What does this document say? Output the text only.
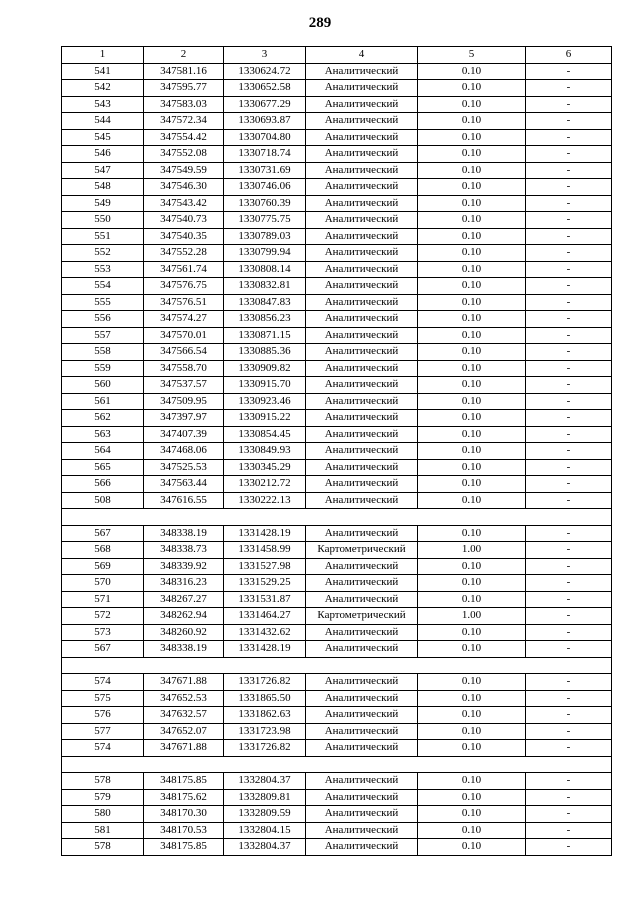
289
1	2	3	4	5	6
541	347581.16	1330624.72	Аналитический	0.10	-
542	347595.77	1330652.58	Аналитический	0.10	-
543	347583.03	1330677.29	Аналитический	0.10	-
544	347572.34	1330693.87	Аналитический	0.10	-
545	347554.42	1330704.80	Аналитический	0.10	-
546	347552.08	1330718.74	Аналитический	0.10	-
547	347549.59	1330731.69	Аналитический	0.10	-
548	347546.30	1330746.06	Аналитический	0.10	-
549	347543.42	1330760.39	Аналитический	0.10	-
550	347540.73	1330775.75	Аналитический	0.10	-
551	347540.35	1330789.03	Аналитический	0.10	-
552	347552.28	1330799.94	Аналитический	0.10	-
553	347561.74	1330808.14	Аналитический	0.10	-
554	347576.75	1330832.81	Аналитический	0.10	-
555	347576.51	1330847.83	Аналитический	0.10	-
556	347574.27	1330856.23	Аналитический	0.10	-
557	347570.01	1330871.15	Аналитический	0.10	-
558	347566.54	1330885.36	Аналитический	0.10	-
559	347558.70	1330909.82	Аналитический	0.10	-
560	347537.57	1330915.70	Аналитический	0.10	-
561	347509.95	1330923.46	Аналитический	0.10	-
562	347397.97	1330915.22	Аналитический	0.10	-
563	347407.39	1330854.45	Аналитический	0.10	-
564	347468.06	1330849.93	Аналитический	0.10	-
565	347525.53	1330345.29	Аналитический	0.10	-
566	347563.44	1330212.72	Аналитический	0.10	-
508	347616.55	1330222.13	Аналитический	0.10	-

567	348338.19	1331428.19	Аналитический	0.10	-
568	348338.73	1331458.99	Картометрический	1.00	-
569	348339.92	1331527.98	Аналитический	0.10	-
570	348316.23	1331529.25	Аналитический	0.10	-
571	348267.27	1331531.87	Аналитический	0.10	-
572	348262.94	1331464.27	Картометрический	1.00	-
573	348260.92	1331432.62	Аналитический	0.10	-
567	348338.19	1331428.19	Аналитический	0.10	-

574	347671.88	1331726.82	Аналитический	0.10	-
575	347652.53	1331865.50	Аналитический	0.10	-
576	347632.57	1331862.63	Аналитический	0.10	-
577	347652.07	1331723.98	Аналитический	0.10	-
574	347671.88	1331726.82	Аналитический	0.10	-

578	348175.85	1332804.37	Аналитический	0.10	-
579	348175.62	1332809.81	Аналитический	0.10	-
580	348170.30	1332809.59	Аналитический	0.10	-
581	348170.53	1332804.15	Аналитический	0.10	-
578	348175.85	1332804.37	Аналитический	0.10	-
